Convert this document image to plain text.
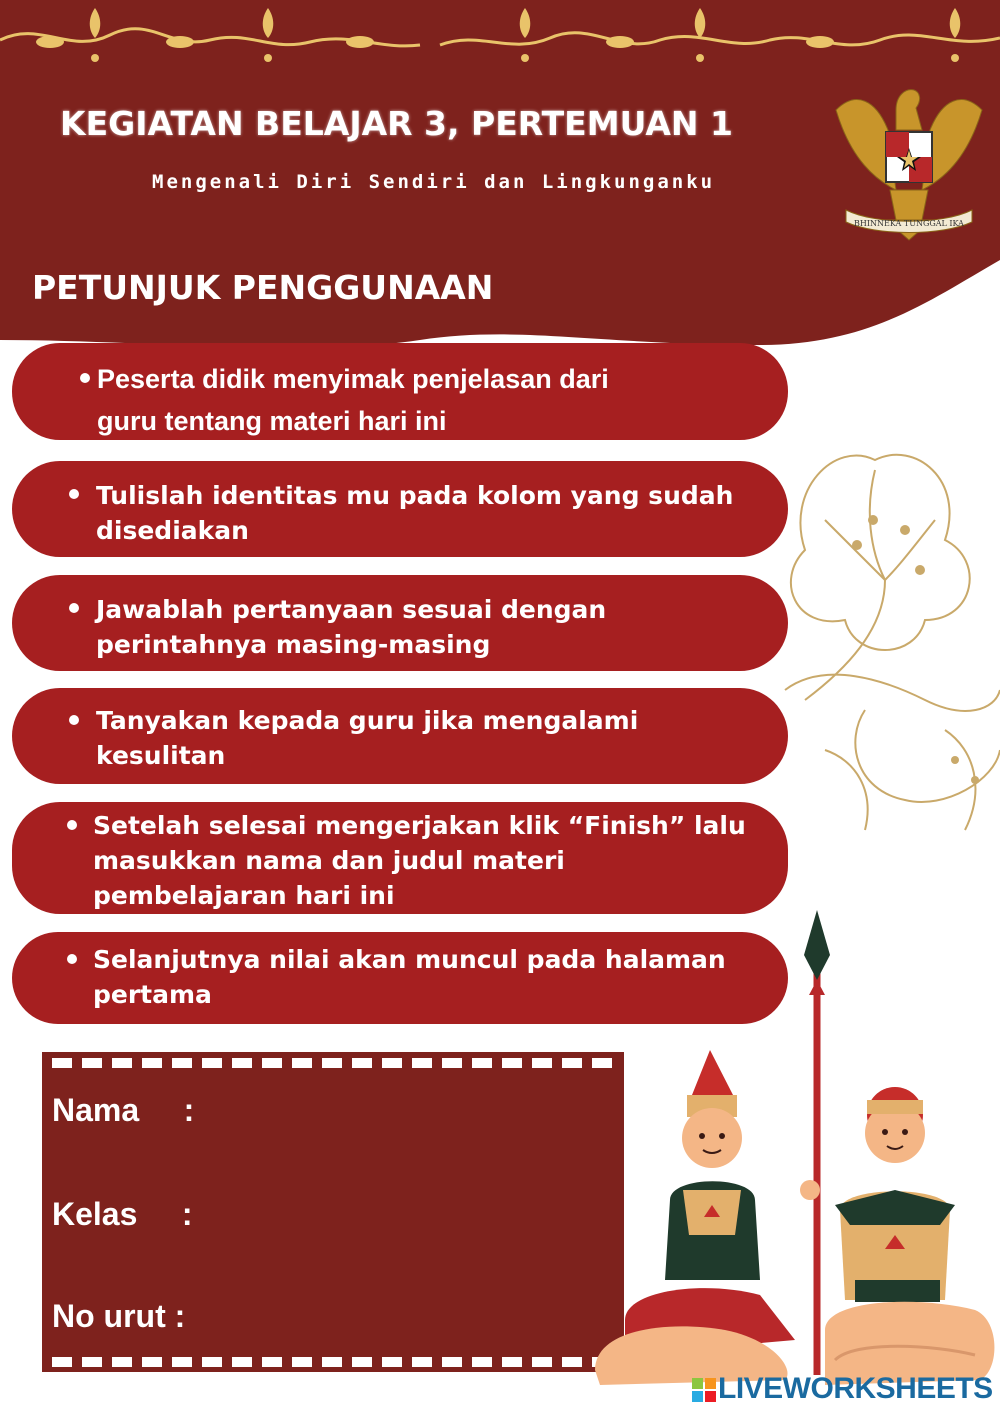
KEGIATAN BELAJAR 3, PERTEMUAN 1
Mengenali Diri Sendiri dan Lingkunganku
BHINNEKA TUNGGAL IKA
PETUNJUK PENGGUNAAN
Peserta didik menyimak penjelasan dari
guru tentang materi hari ini
Tulislah identitas mu pada kolom yang sudah
disediakan
Jawablah pertanyaan sesuai dengan
perintahnya masing-masing
Tanyakan kepada guru jika mengalami
kesulitan
Setelah selesai mengerjakan klik “Finish” lalu
masukkan nama dan judul materi
pembelajaran hari ini
Selanjutnya nilai akan muncul pada halaman
pertama
Nama     :
Kelas     :
No urut :
LIVEWORKSHEETS
